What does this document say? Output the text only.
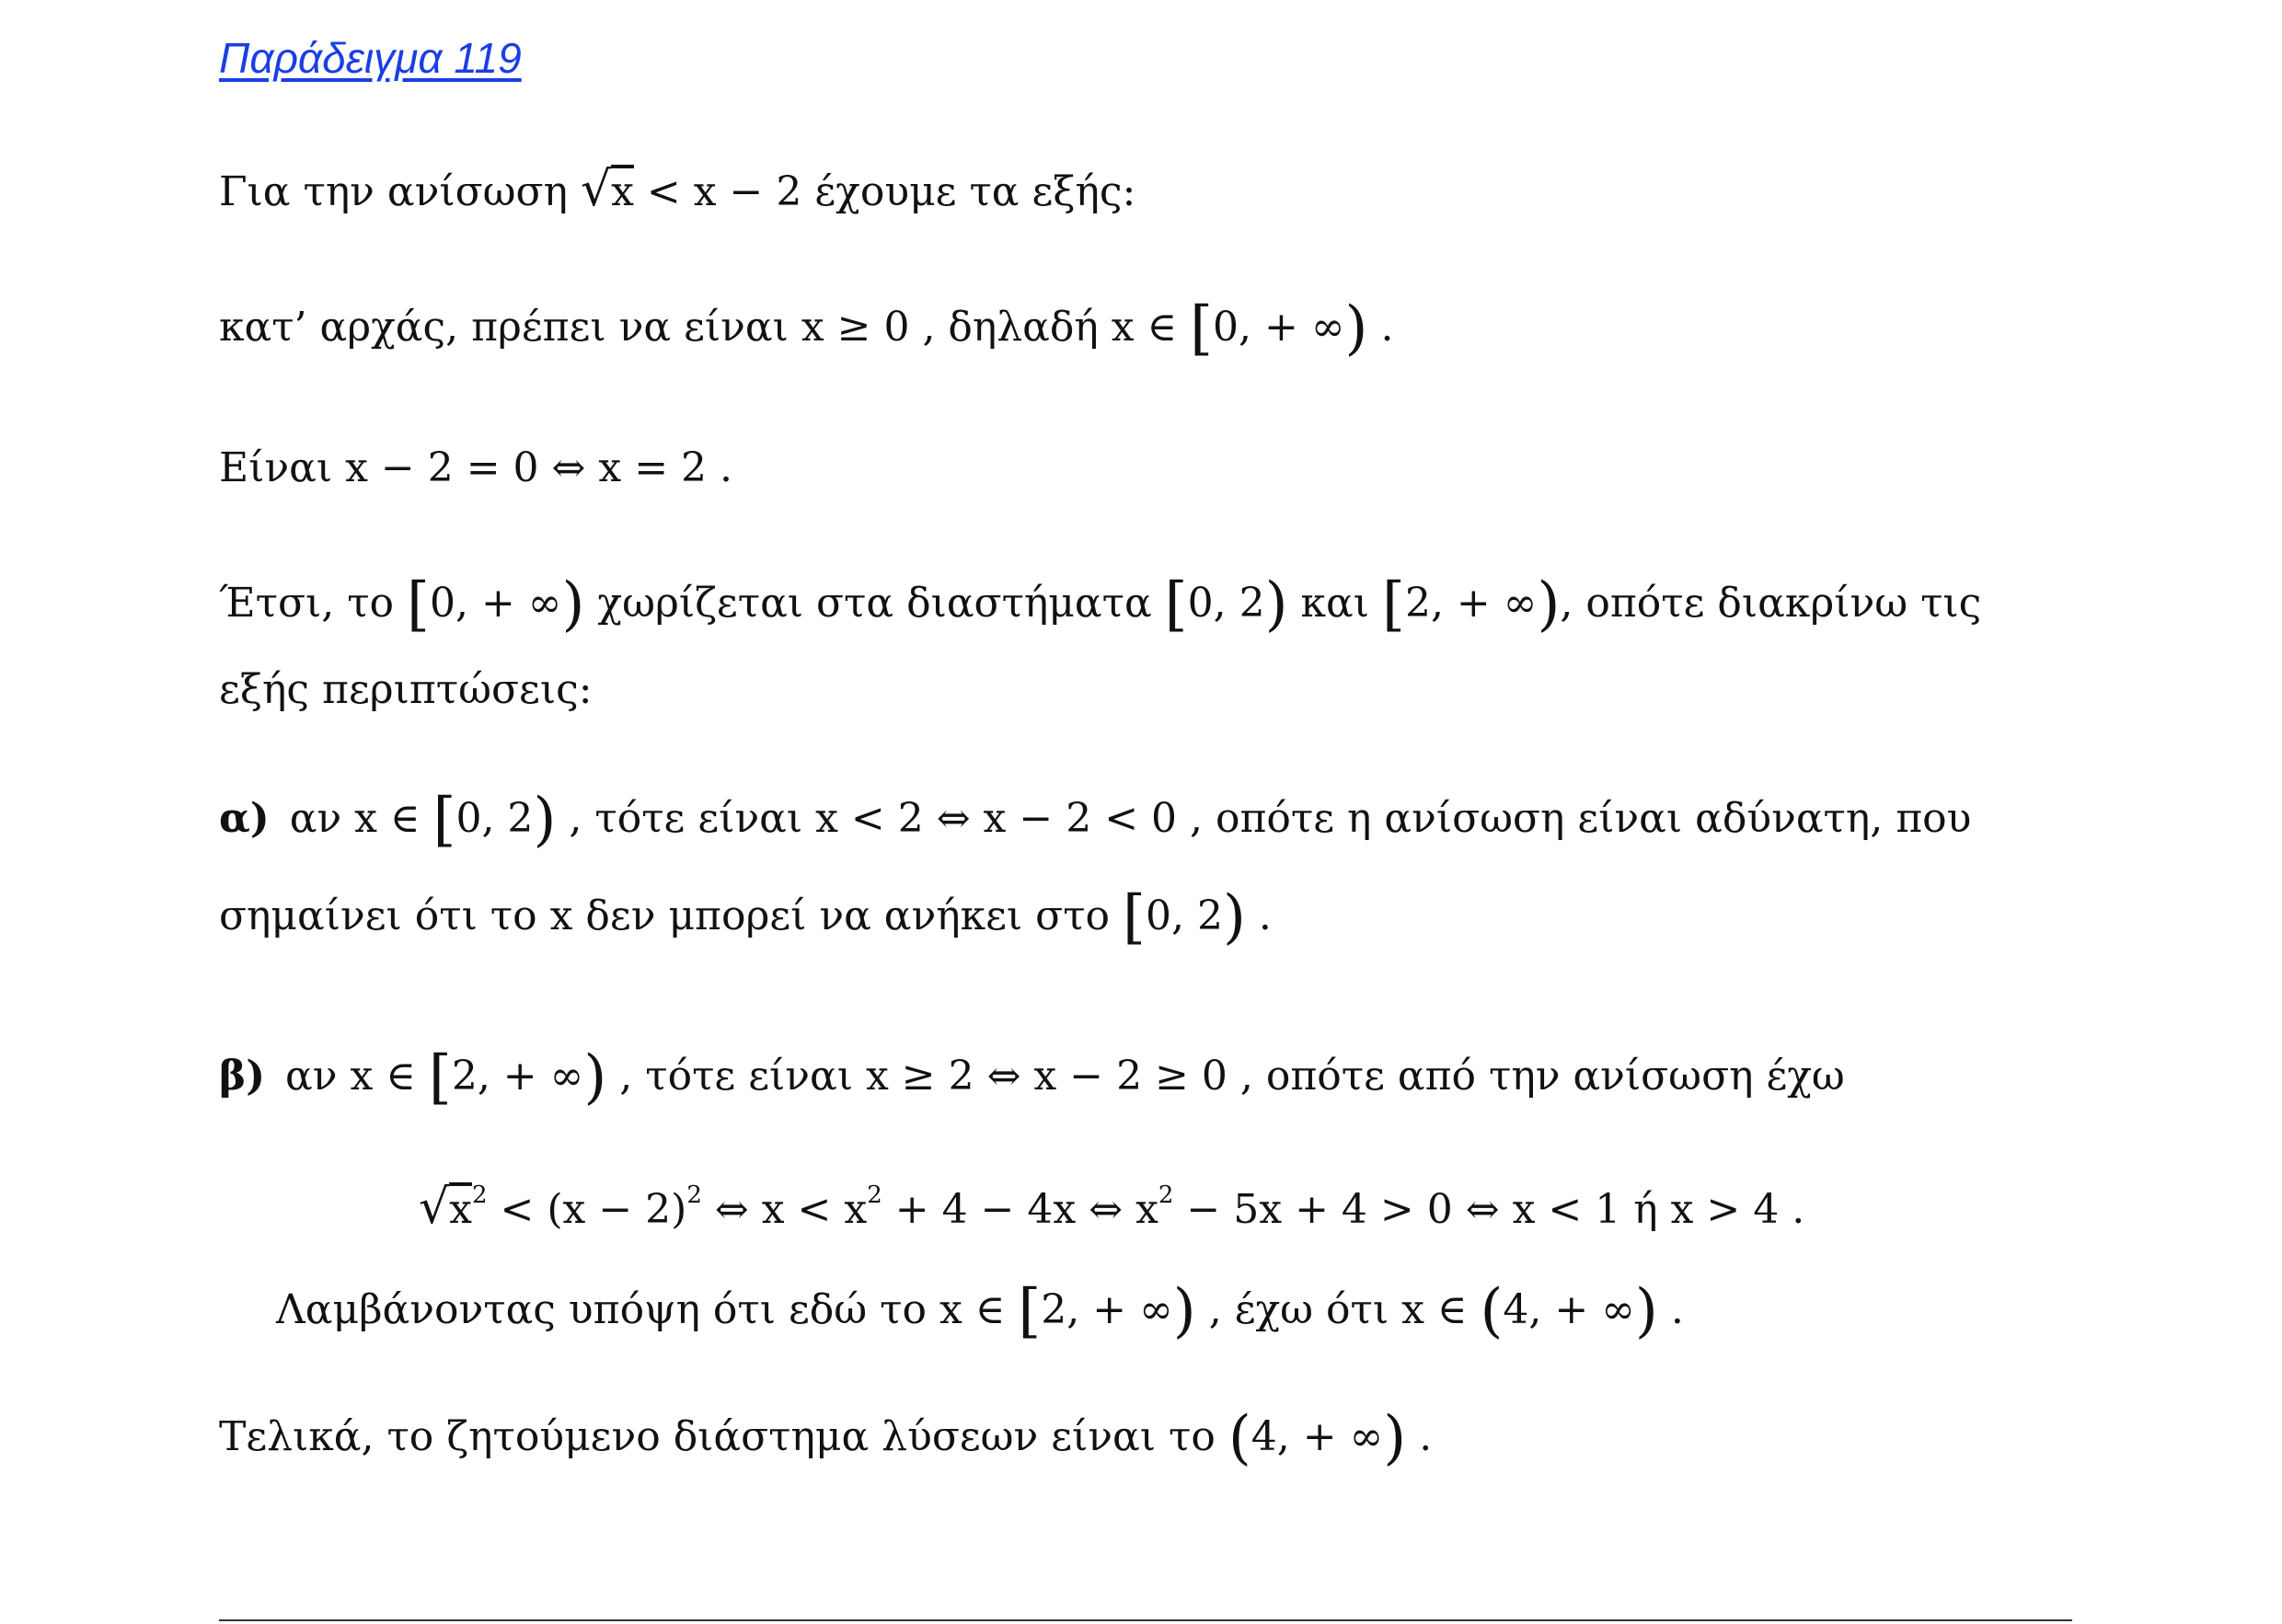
Παράδειγμα 119
Για την ανίσωση √x < x − 2 έχουμε τα εξής:
κατ’ αρχάς, πρέπει να είναι x ≥ 0 , δηλαδή x ∈ [0, + ∞) .
Είναι x − 2 = 0 ⇔ x = 2 .
Έτσι, το [0, + ∞) χωρίζεται στα διαστήματα [0, 2) και [2, + ∞), οπότε διακρίνω τις
εξής περιπτώσεις:
α) αν x ∈ [0, 2) , τότε είναι x < 2 ⇔ x − 2 < 0 , οπότε η ανίσωση είναι αδύνατη, που
σημαίνει ότι το x δεν μπορεί να ανήκει στο [0, 2) .
β) αν x ∈ [2, + ∞) , τότε είναι x ≥ 2 ⇔ x − 2 ≥ 0 , οπότε από την ανίσωση έχω
$√x^2 < (x - 2)^2$ ⇔ $x < x^2 + 4 - 4x$ ⇔ $x^2 - 5x + 4 > 0$ ⇔ x < 1 ή x > 4 .
Λαμβάνοντας υπόψη ότι εδώ το x ∈ [2, + ∞) , έχω ότι x ∈ (4, + ∞) .
Τελικά, το ζητούμενο διάστημα λύσεων είναι το (4, + ∞) .
